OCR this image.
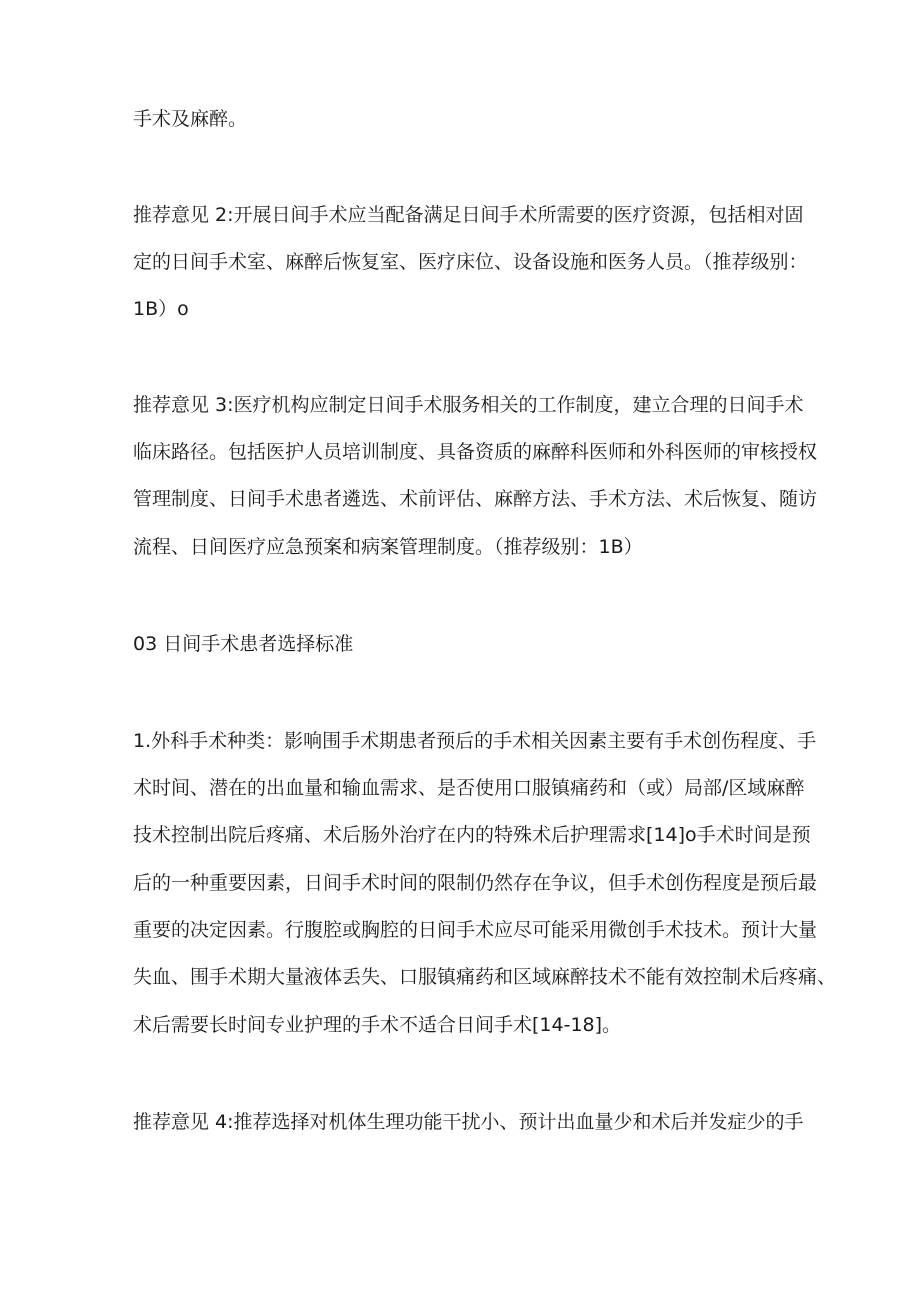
手术及麻醉。

推荐意见 2:开展日间手术应当配备满足日间手术所需要的医疗资源，包括相对固

定的日间手术室、麻醉后恢复室、医疗床位、设备设施和医务人员。（推荐级别：

1B）o

推荐意见 3:医疗机构应制定日间手术服务相关的工作制度，建立合理的日间手术

临床路径。包括医护人员培训制度、具备资质的麻醉科医师和外科医师的审核授权

管理制度、日间手术患者遴选、术前评估、麻醉方法、手术方法、术后恢复、随访

流程、日间医疗应急预案和病案管理制度。（推荐级别：1B）

03 日间手术患者选择标准

1.外科手术种类：影响围手术期患者预后的手术相关因素主要有手术创伤程度、手

术时间、潜在的出血量和输血需求、是否使用口服镇痛药和（或）局部/区域麻醉

技术控制出院后疼痛、术后肠外治疗在内的特殊术后护理需求[14]o手术时间是预

后的一种重要因素，日间手术时间的限制仍然存在争议，但手术创伤程度是预后最

重要的决定因素。行腹腔或胸腔的日间手术应尽可能采用微创手术技术。预计大量

失血、围手术期大量液体丢失、口服镇痛药和区域麻醉技术不能有效控制术后疼痛、

术后需要长时间专业护理的手术不适合日间手术[14-18]。

推荐意见 4:推荐选择对机体生理功能干扰小、预计出血量少和术后并发症少的手
